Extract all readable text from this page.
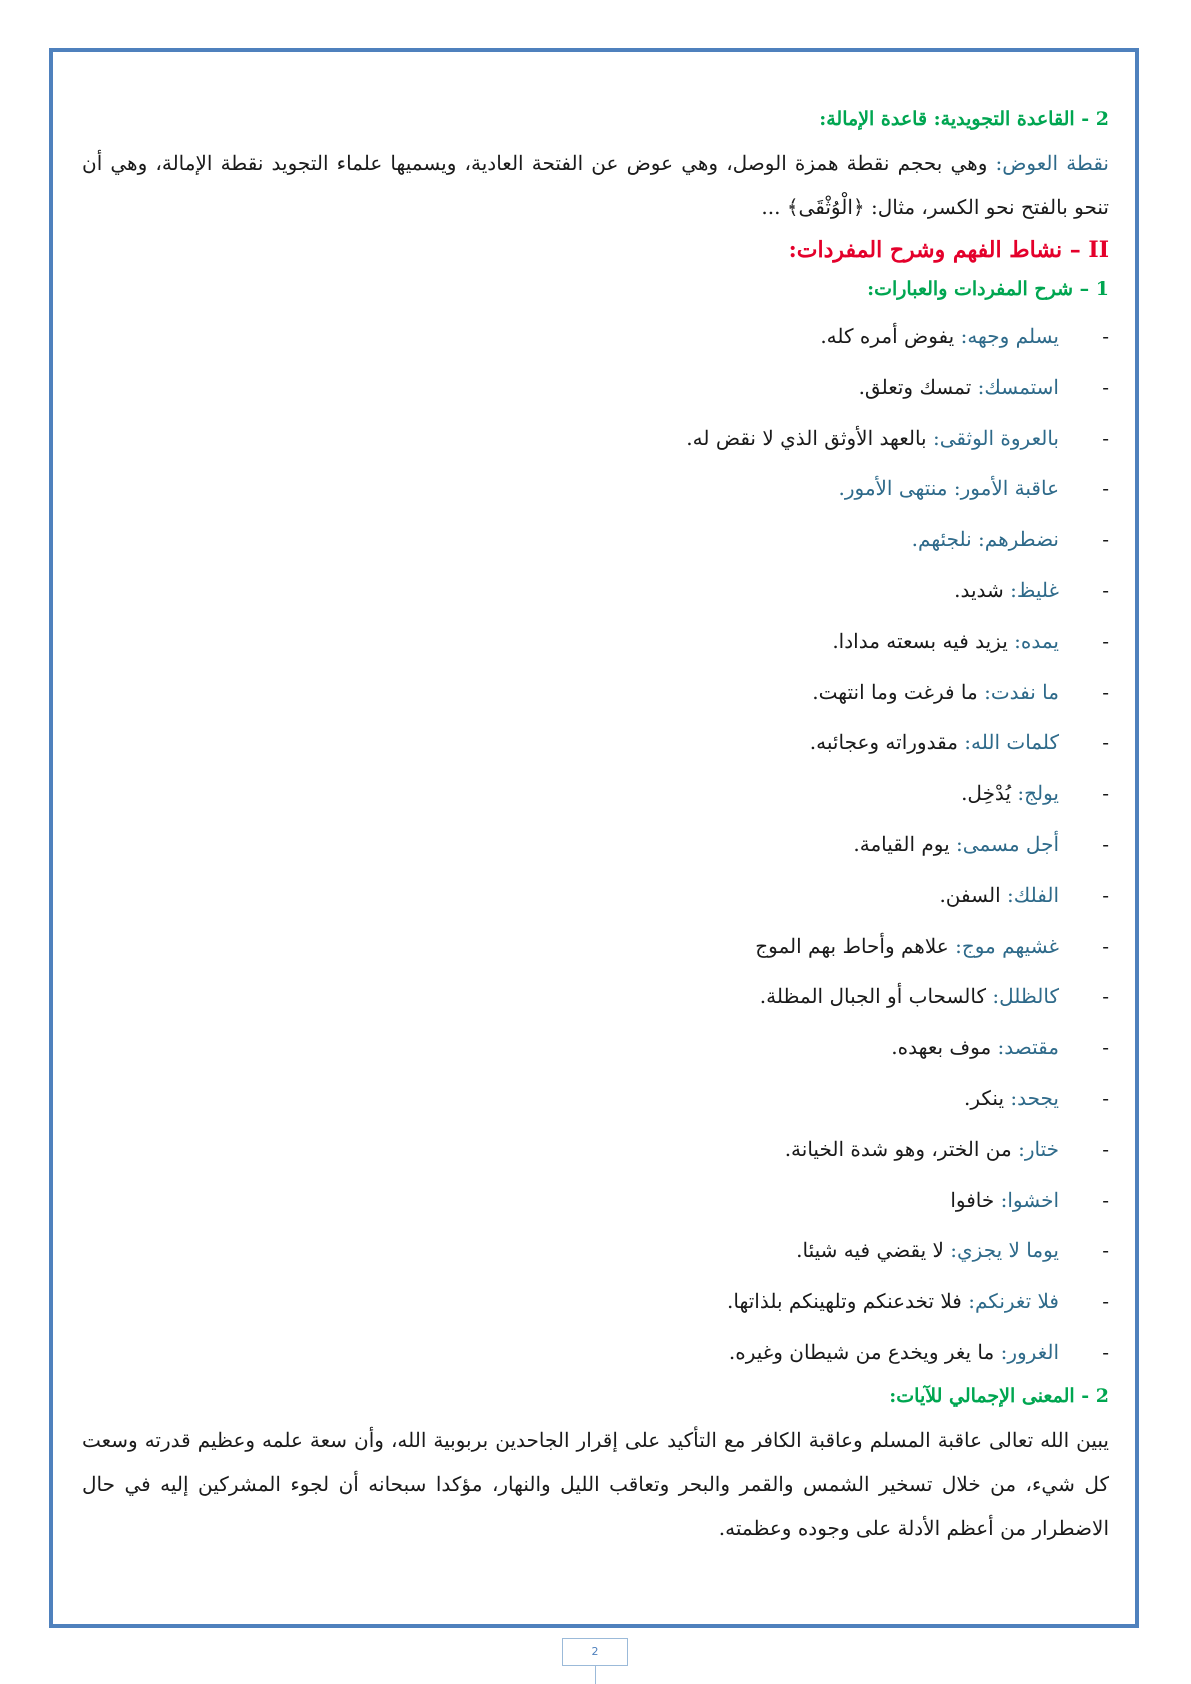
2 - القاعدة التجويدية: قاعدة الإمالة:

نقطة العوض: وهي بحجم نقطة همزة الوصل، وهي عوض عن الفتحة العادية، ويسميها علماء التجويد نقطة الإمالة، وهي أن تنحو بالفتح نحو الكسر، مثال: ﴿الْوُثْقَى﴾ ...

II – نشاط الفهم وشرح المفردات:
1 – شرح المفردات والعبارات:
-يسلم وجهه: يفوض أمره كله.
-استمسك: تمسك وتعلق.
-بالعروة الوثقى: بالعهد الأوثق الذي لا نقض له.
-عاقبة الأمور: منتهى الأمور.
-نضطرهم: نلجئهم.
-غليظ: شديد.
-يمده: يزيد فيه بسعته مدادا.
-ما نفدت: ما فرغت وما انتهت.
-كلمات الله: مقدوراته وعجائبه.
-يولج: يُدْخِل.
-أجل مسمى: يوم القيامة.
-الفلك: السفن.
-غشيهم موج: علاهم وأحاط بهم الموج
-كالظلل: كالسحاب أو الجبال المظلة.
-مقتصد: موف بعهده.
-يجحد: ينكر.
-ختار: من الختر، وهو شدة الخيانة.
-اخشوا: خافوا
-يوما لا يجزي: لا يقضي فيه شيئا.
-فلا تغرنكم: فلا تخدعنكم وتلهينكم بلذاتها.
-الغرور: ما يغر ويخدع من شيطان وغيره.
2 - المعنى الإجمالي للآيات:

يبين الله تعالى عاقبة المسلم وعاقبة الكافر مع التأكيد على إقرار الجاحدين بربوبية الله، وأن سعة علمه وعظيم قدرته وسعت كل شيء، من خلال تسخير الشمس والقمر والبحر وتعاقب الليل والنهار، مؤكدا سبحانه أن لجوء المشركين إليه في حال الاضطرار من أعظم الأدلة على وجوده وعظمته.

2
